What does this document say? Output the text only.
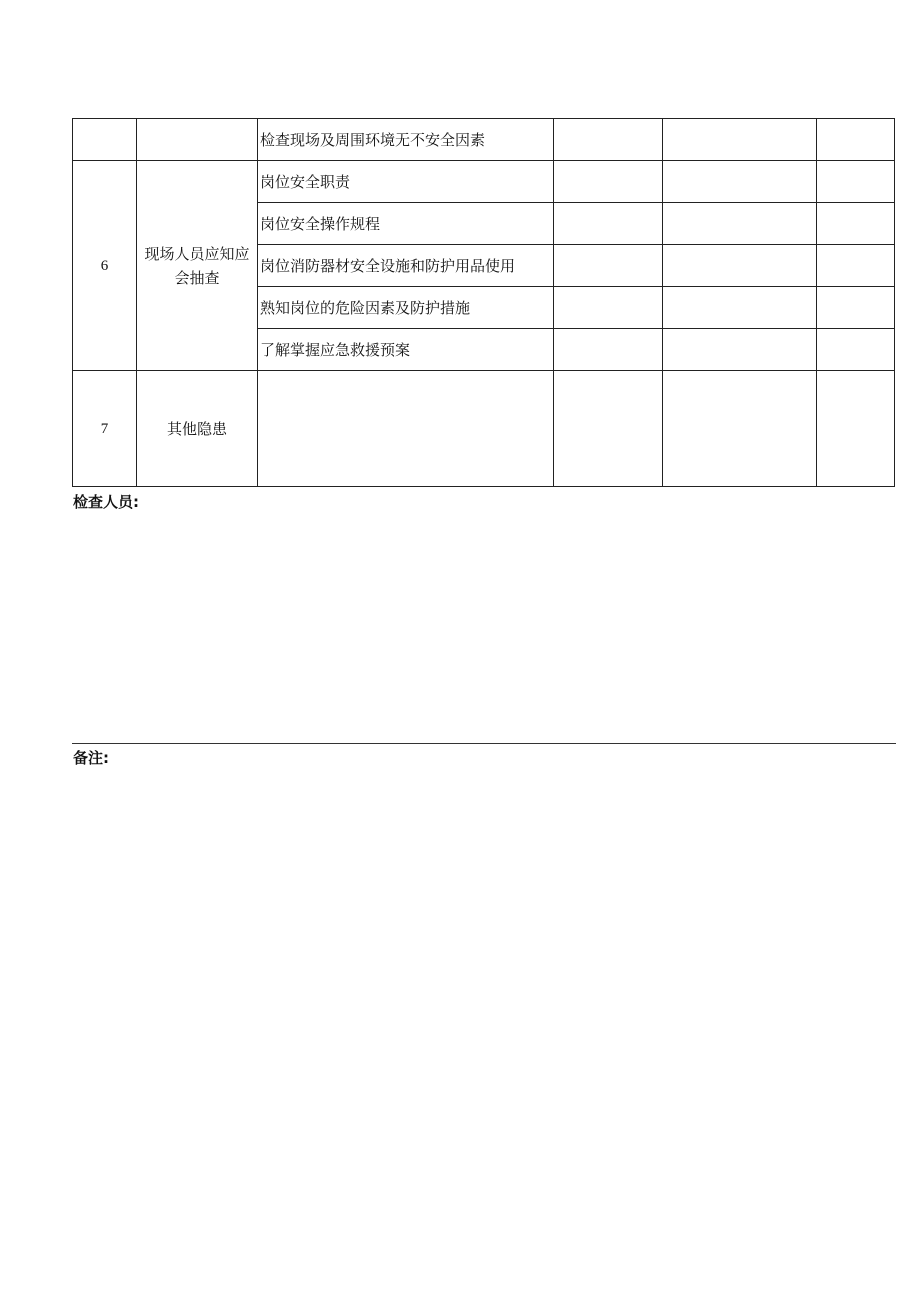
		检查现场及周围环境无不安全因素			
6	现场人员应知应会抽查	岗位安全职责			
		岗位安全操作规程			
		岗位消防器材安全设施和防护用品使用			
		熟知岗位的危险因素及防护措施			
		了解掌握应急救援预案			
7	其他隐患				
检查人员:
备注:
